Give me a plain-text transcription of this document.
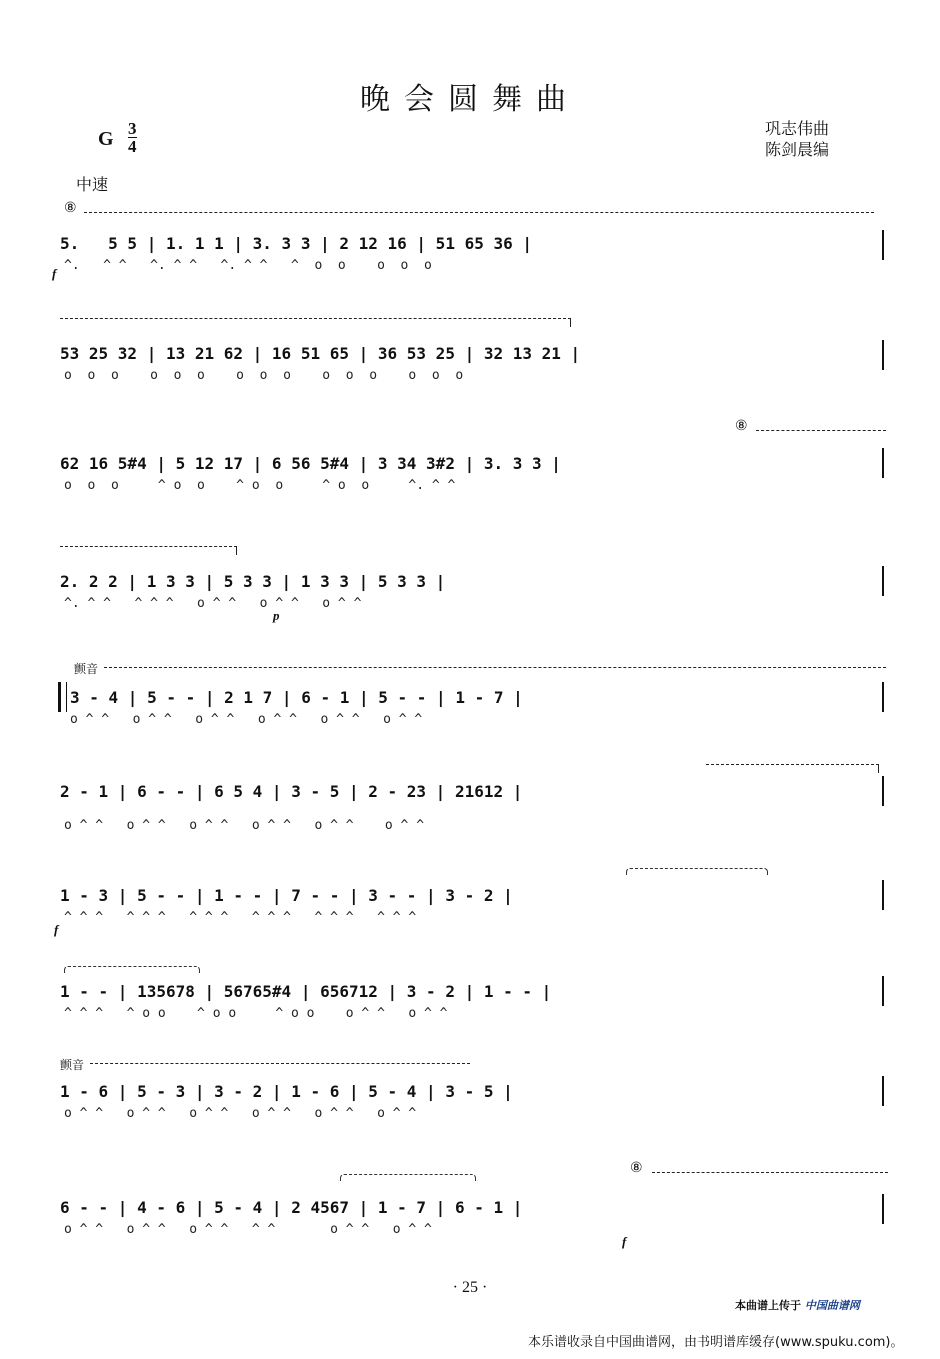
晚会圆舞曲
G $\frac{3}{4}$	巩志伟曲
陈剑晨编
中速
⑧
5.   5 5 | 1. 1 1 | 3. 3 3 | 2 12 16 | 51 65 36 |
^.   ^ ^   ^. ^ ^   ^. ^ ^   ^  o  o    o  o  o
f
53 25 32 | 13 21 62 | 16 51 65 | 36 53 25 | 32 13 21 |
o  o  o    o  o  o    o  o  o    o  o  o    o  o  o
⑧
62 16 5#4 | 5 12 17 | 6 56 5#4 | 3 34 3#2 | 3. 3 3 |
o  o  o     ^ o  o    ^ o  o     ^ o  o     ^. ^ ^
2. 2 2 | 1 3 3 | 5 3 3 | 1 3 3 | 5 3 3 |
^. ^ ^   ^ ^ ^   o ^ ^   o ^ ^   o ^ ^
p
颤音
3 - 4 | 5 - - | 2 1 7 | 6 - 1 | 5 - - | 1 - 7 |
o ^ ^   o ^ ^   o ^ ^   o ^ ^   o ^ ^   o ^ ^
2 - 1 | 6 - - | 6 5 4 | 3 - 5 | 2 - 23 | 21612 |
o ^ ^   o ^ ^   o ^ ^   o ^ ^   o ^ ^    o ^ ^
1 - 3 | 5 - - | 1 - - | 7 - - | 3 - - | 3 - 2 |
^ ^ ^   ^ ^ ^   ^ ^ ^   ^ ^ ^   ^ ^ ^   ^ ^ ^
f
1 - - | 135678 | 56765#4 | 656712 | 3 - 2 | 1 - - |
^ ^ ^   ^ o o    ^ o o     ^ o o    o ^ ^   o ^ ^
颤音
1 - 6 | 5 - 3 | 3 - 2 | 1 - 6 | 5 - 4 | 3 - 5 |
o ^ ^   o ^ ^   o ^ ^   o ^ ^   o ^ ^   o ^ ^
⑧
6 - - | 4 - 6 | 5 - 4 | 2 4567 | 1 - 7 | 6 - 1 |
o ^ ^   o ^ ^   o ^ ^   ^ ^       o ^ ^   o ^ ^
f
· 25 ·
本曲谱上传于 中国曲谱网
本乐谱收录自中国曲谱网，由书明谱库缓存(www.spuku.com)。
